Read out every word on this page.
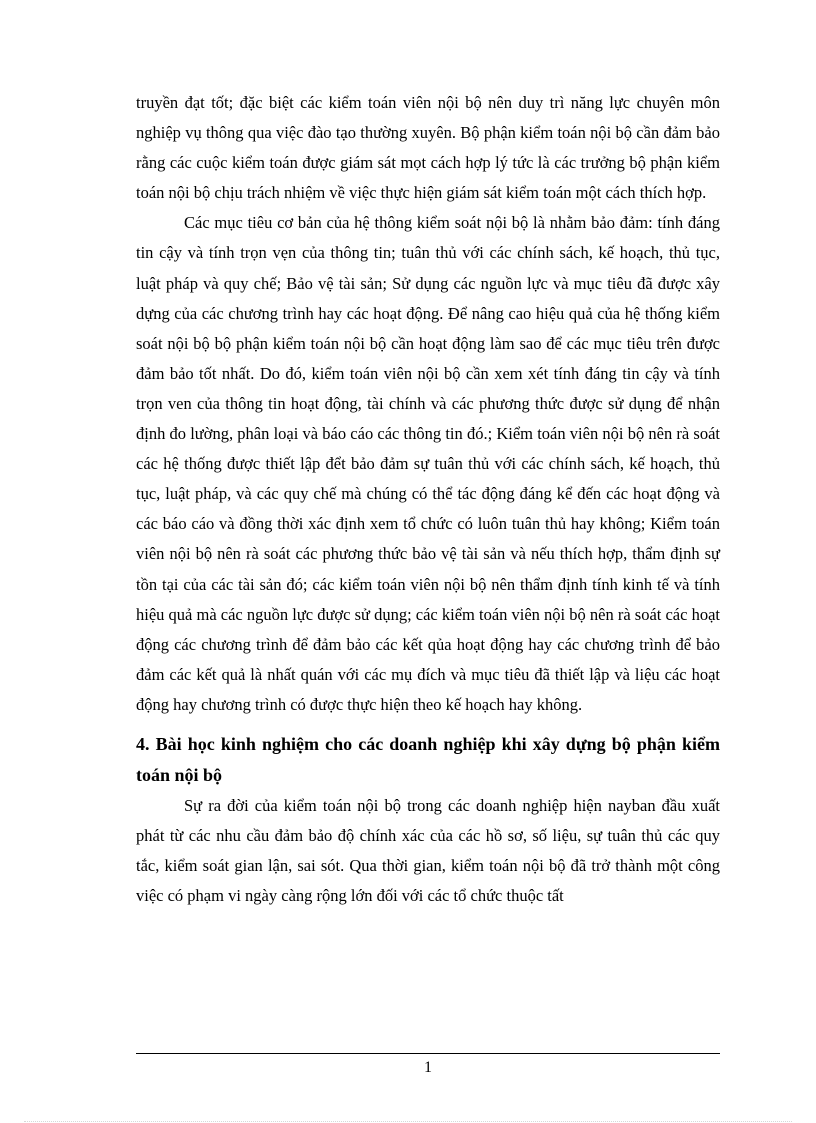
truyền đạt tốt; đặc biệt các kiểm toán viên nội bộ nên duy trì năng lực chuyên môn nghiệp vụ thông qua việc đào tạo thường xuyên. Bộ phận kiểm toán nội bộ cần đảm bảo rằng các cuộc kiểm toán được giám sát mọt cách hợp lý tức là các trưởng bộ phận kiểm toán nội bộ chịu trách nhiệm về việc thực hiện giám sát kiểm toán một cách thích hợp.

Các mục tiêu cơ bản của hệ thông kiểm soát nội bộ là nhằm bảo đảm: tính đáng tin cậy và tính trọn vẹn của thông tin; tuân thủ với các chính sách, kế hoạch, thủ tục, luật pháp và quy chế; Bảo vệ tài sản; Sử dụng các nguồn lực và mục tiêu đã được xây dựng của các chương trình hay các hoạt động. Để nâng cao hiệu quả của hệ thống kiểm soát nội bộ bộ phận kiểm toán nội bộ cần hoạt động làm sao để các mục tiêu trên được đảm bảo tốt nhất. Do đó, kiểm toán viên nội bộ cần xem xét tính đáng tin cậy và tính trọn ven của thông tin hoạt động, tài chính và các phương thức được sử dụng để nhận định đo lường, phân loại và báo cáo các thông tin đó.; Kiểm toán viên nội bộ nên rà soát các hệ thống được thiết lập đểt bảo đảm sự tuân thủ với các chính sách, kế hoạch, thủ tục, luật pháp, và các quy chế mà chúng có thể tác động đáng kể đến các hoạt động và các báo cáo và đồng thời xác định xem tổ chức có luôn tuân thủ hay không; Kiểm toán viên nội bộ nên rà soát các phương thức bảo vệ tài sản và nếu thích hợp, thẩm định sự tồn tại của các tài sản đó; các kiểm toán viên nội bộ nên thẩm định tính kinh tế và tính hiệu quả mà các nguồn lực được sử dụng; các kiểm toán viên nội bộ nên rà soát các hoạt động các chương trình để đảm bảo các kết qủa hoạt động hay các chương trình để bảo đảm các kết quả là nhất quán với các mụ đích và mục tiêu đã thiết lập và liệu các hoạt động hay chương trình có được thực hiện theo kế hoạch hay không.

4. Bài học kinh nghiệm cho các doanh nghiệp khi xây dựng bộ phận kiểm toán nội bộ

Sự ra đời của kiểm toán nội bộ trong các doanh nghiệp hiện nayban đầu xuất phát từ các nhu cầu đảm bảo độ chính xác của các hồ sơ, số liệu, sự tuân thủ các quy tắc, kiểm soát gian lận, sai sót. Qua thời gian, kiểm toán nội bộ đã trở thành một công việc có phạm vi ngày càng rộng lớn đối với các tổ chức thuộc tất

1
